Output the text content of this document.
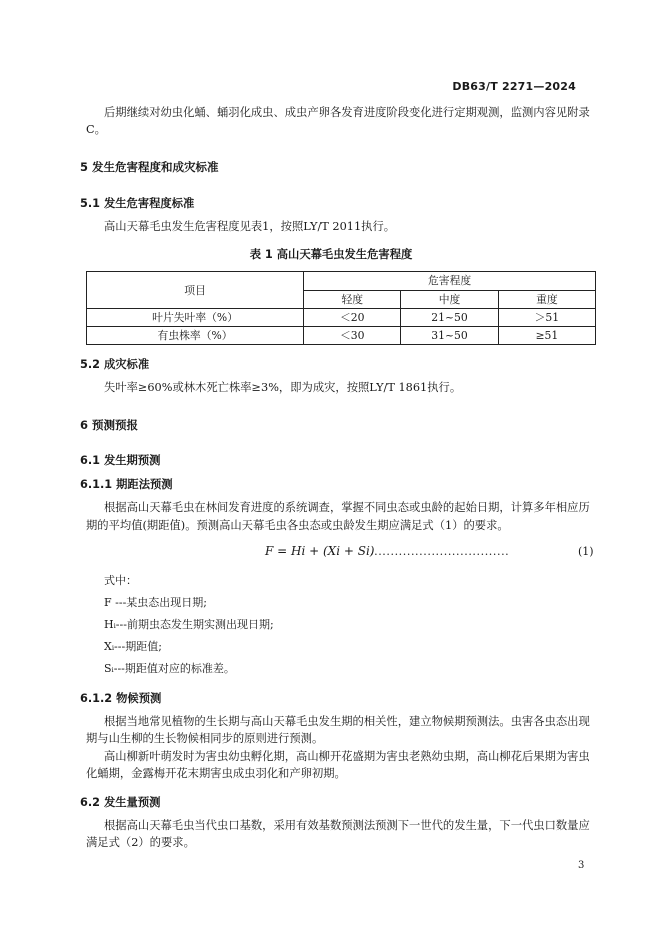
DB63/T 2271—2024
后期继续对幼虫化蛹、蛹羽化成虫、成虫产卵各发育进度阶段变化进行定期观测，监测内容见附录
C。
5 发生危害程度和成灾标准
5.1 发生危害程度标准
高山天幕毛虫发生危害程度见表1，按照LY/T 2011执行。
表 1 高山天幕毛虫发生危害程度
项目	危害程度		
	轻度	中度	重度
叶片失叶率（%）	＜20	21~50	＞51
有虫株率（%）	＜30	31~50	≥51
5.2 成灾标准
失叶率≥60%或林木死亡株率≥3%，即为成灾，按照LY/T 1861执行。
6 预测预报
6.1 发生期预测
6.1.1 期距法预测
根据高山天幕毛虫在林间发育进度的系统调查，掌握不同虫态或虫龄的起始日期，计算多年相应历
期的平均值(期距值)。预测高山天幕毛虫各虫态或虫龄发生期应满足式（1）的要求。
F = Hi + (Xi + Si)
..................................	(1)
式中：
F ---某虫态出现日期;
Hᵢ---前期虫态发生期实测出现日期;
Xᵢ---期距值;
Sᵢ---期距值对应的标准差。
6.1.2 物候预测
根据当地常见植物的生长期与高山天幕毛虫发生期的相关性，建立物候期预测法。虫害各虫态出现
期与山生柳的生长物候相同步的原则进行预测。
高山柳新叶萌发时为害虫幼虫孵化期，高山柳开花盛期为害虫老熟幼虫期，高山柳花后果期为害虫
化蛹期，金露梅开花末期害虫成虫羽化和产卵初期。
6.2 发生量预测
根据高山天幕毛虫当代虫口基数，采用有效基数预测法预测下一世代的发生量，下一代虫口数量应
满足式（2）的要求。
3
